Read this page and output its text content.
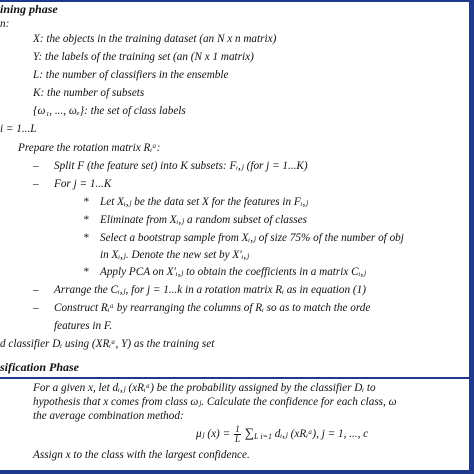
ining phase
n:
X: the objects in the training dataset (an N x n matrix)
Y: the labels of the training set (an (N x 1 matrix)
L: the number of classifiers in the ensemble
K: the number of subsets
{ω₁, ..., ωₑ}: the set of class labels
i = 1...L
Prepare the rotation matrix Rᵢᵃ:
– Split F (the feature set) into K subsets: Fᵢ,ⱼ (for j = 1...K)
– For j = 1...K
* Let Xᵢ,ⱼ be the data set X for the features in Fᵢ,ⱼ
* Eliminate from Xᵢ,ⱼ a random subset of classes
* Select a bootstrap sample from Xᵢ,ⱼ of size 75% of the number of obj
in Xᵢ,ⱼ. Denote the new set by X'ᵢ,ⱼ
* Apply PCA on X'ᵢ,ⱼ to obtain the coefficients in a matrix Cᵢ,ⱼ
– Arrange the Cᵢ,ⱼ, for j = 1...k in a rotation matrix Rᵢ as in equation (1)
– Construct Rᵢᵃ by rearranging the columns of Rᵢ so as to match the orde
features in F.
d classifier Dᵢ using (XRᵢᵃ, Y) as the training set
sification Phase
For a given x, let dᵢ,ⱼ (xRᵢᵃ) be the probability assigned by the classifier Dᵢ to
hypothesis that x comes from class ωⱼ. Calculate the confidence for each class, ω
the average combination method:
μⱼ $(x) = \frac{1}{L} \sum_{L i=1}$ dᵢ,ⱼ (xRᵢᵃ), j = 1, ..., c
Assign x to the class with the largest confidence.
